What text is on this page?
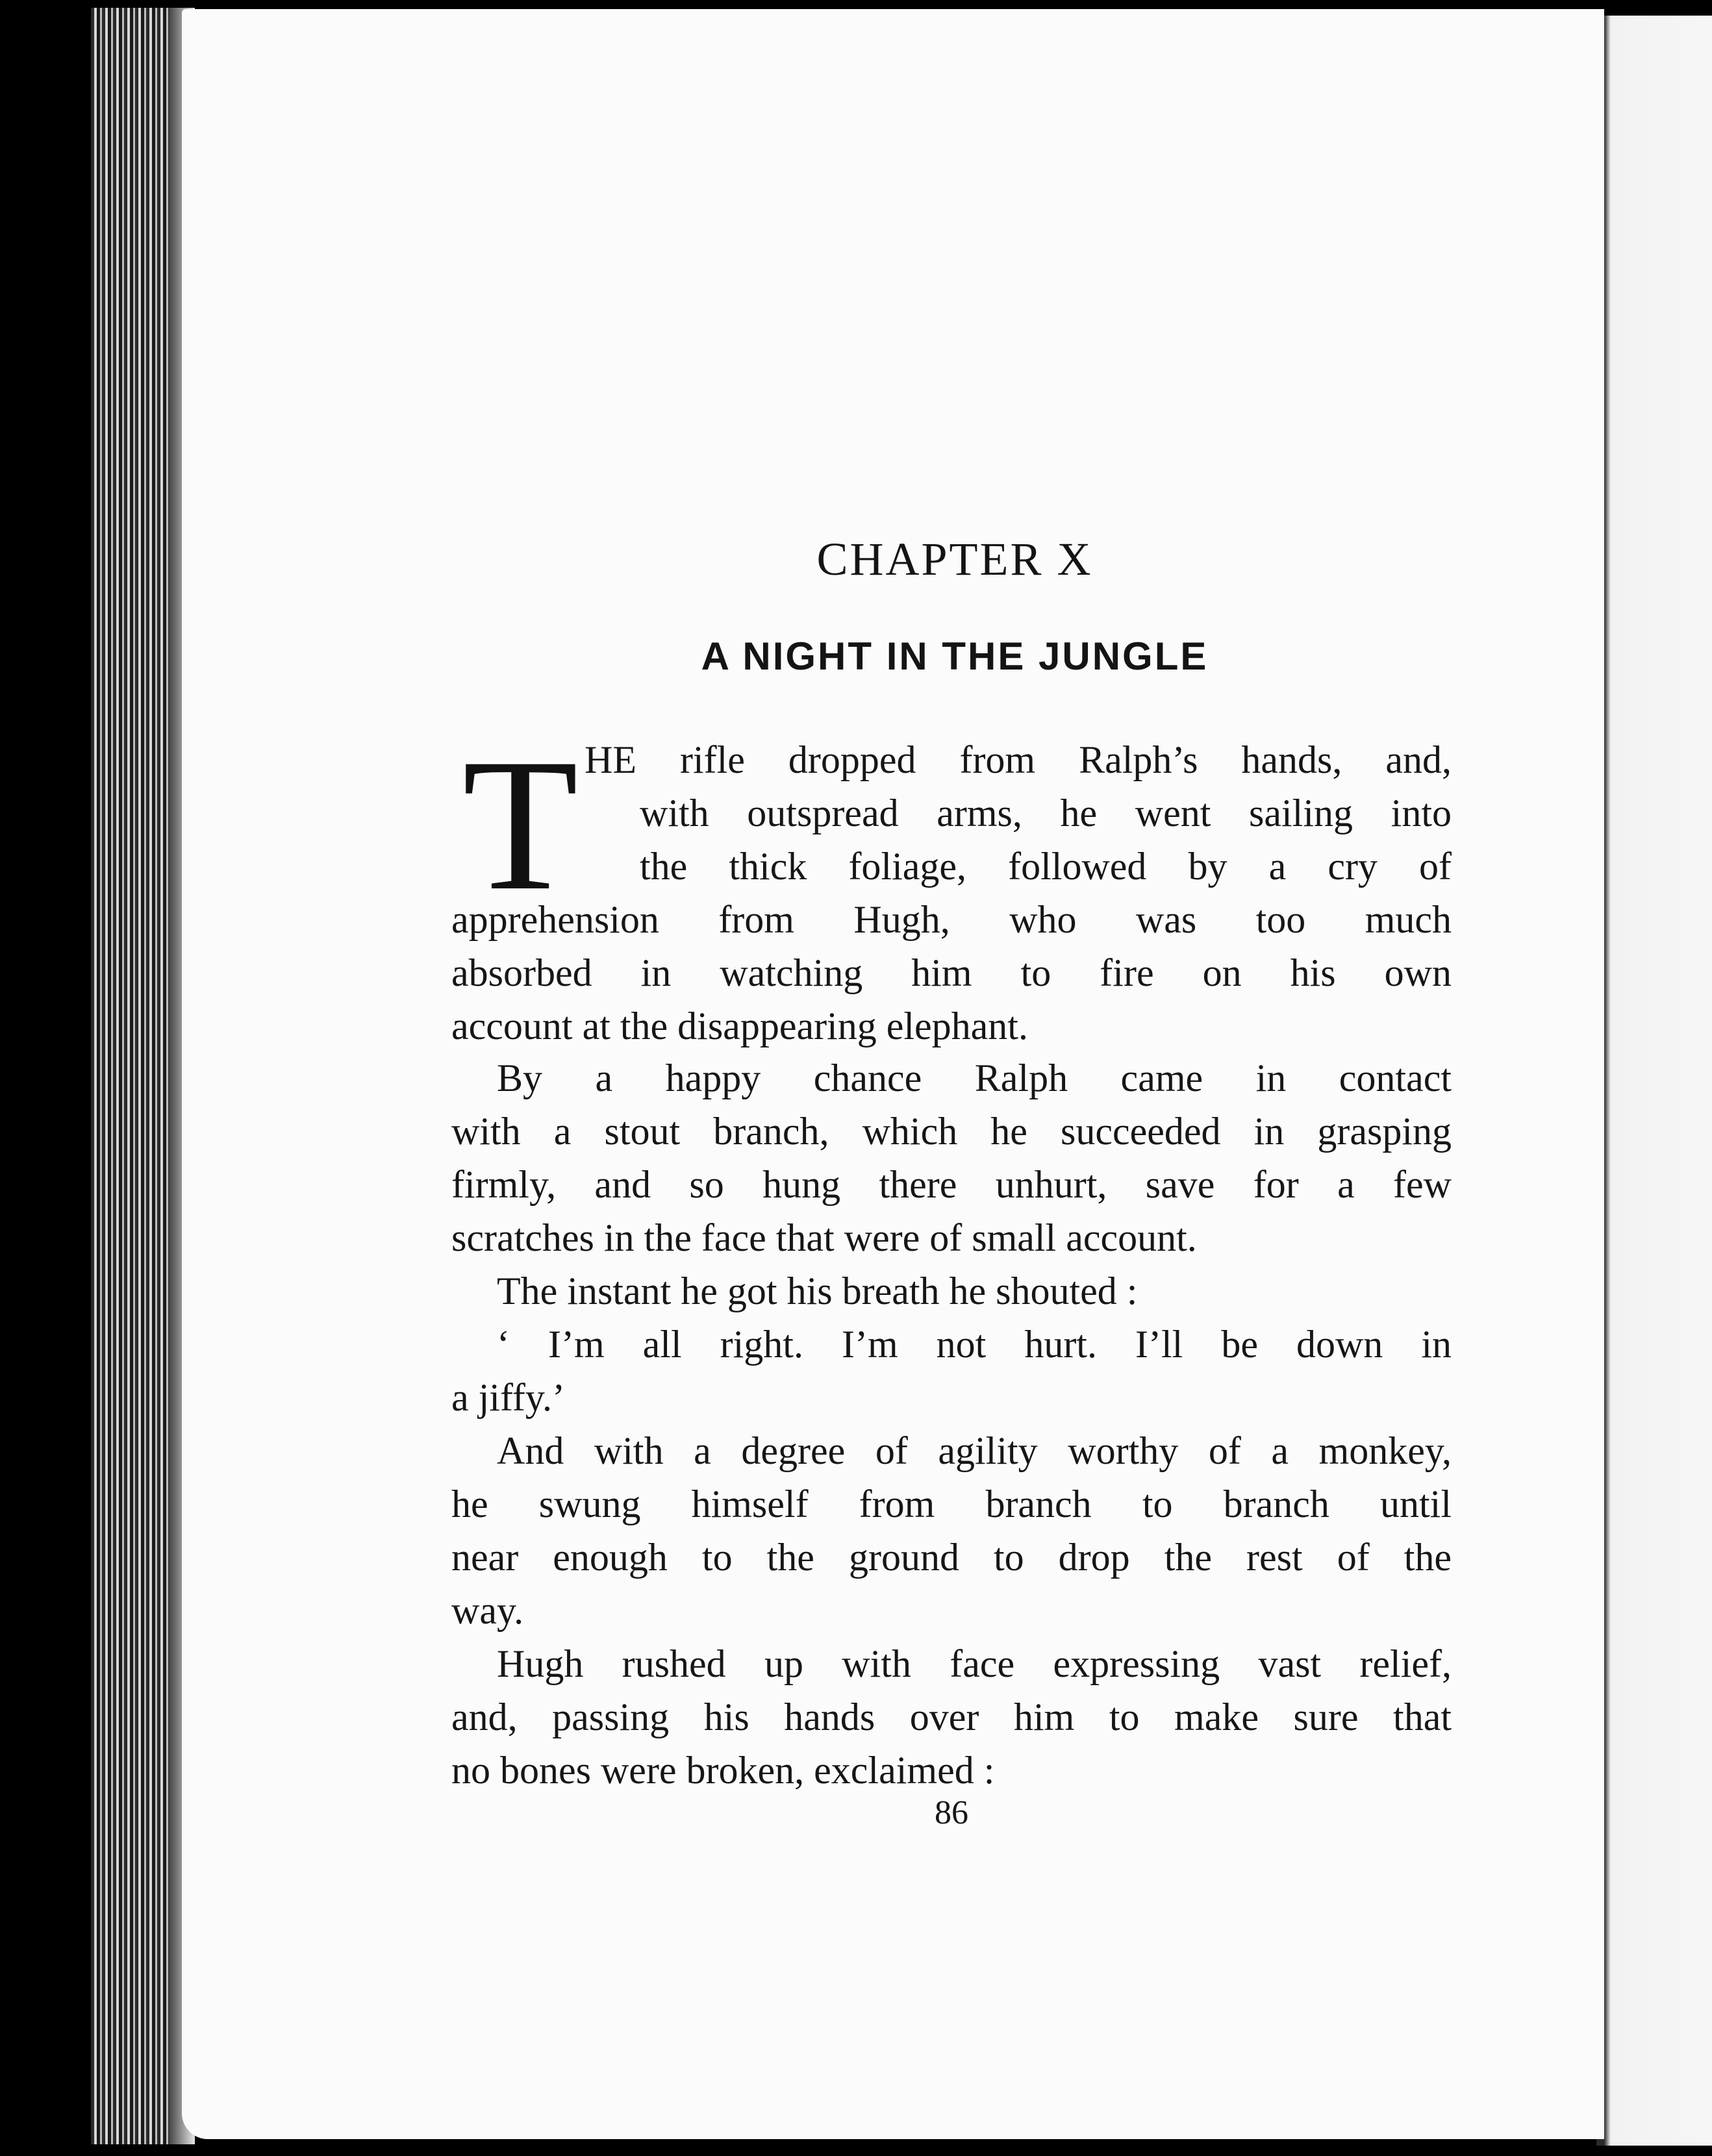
CHAPTER X
A NIGHT IN THE JUNGLE
T HE rifle dropped from Ralph’s hands, and,
with outspread arms, he went sailing into
the thick foliage, followed by a cry of
apprehension from Hugh, who was too much
absorbed in watching him to fire on his own
account at the disappearing elephant.
By a happy chance Ralph came in contact
with a stout branch, which he succeeded in grasping
firmly, and so hung there unhurt, save for a few
scratches in the face that were of small account.
The instant he got his breath he shouted :
‘ I’m all right. I’m not hurt. I’ll be down in
a jiffy.’
And with a degree of agility worthy of a monkey,
he swung himself from branch to branch until
near enough to the ground to drop the rest of the
way.
Hugh rushed up with face expressing vast relief,
and, passing his hands over him to make sure that
no bones were broken, exclaimed :
86
